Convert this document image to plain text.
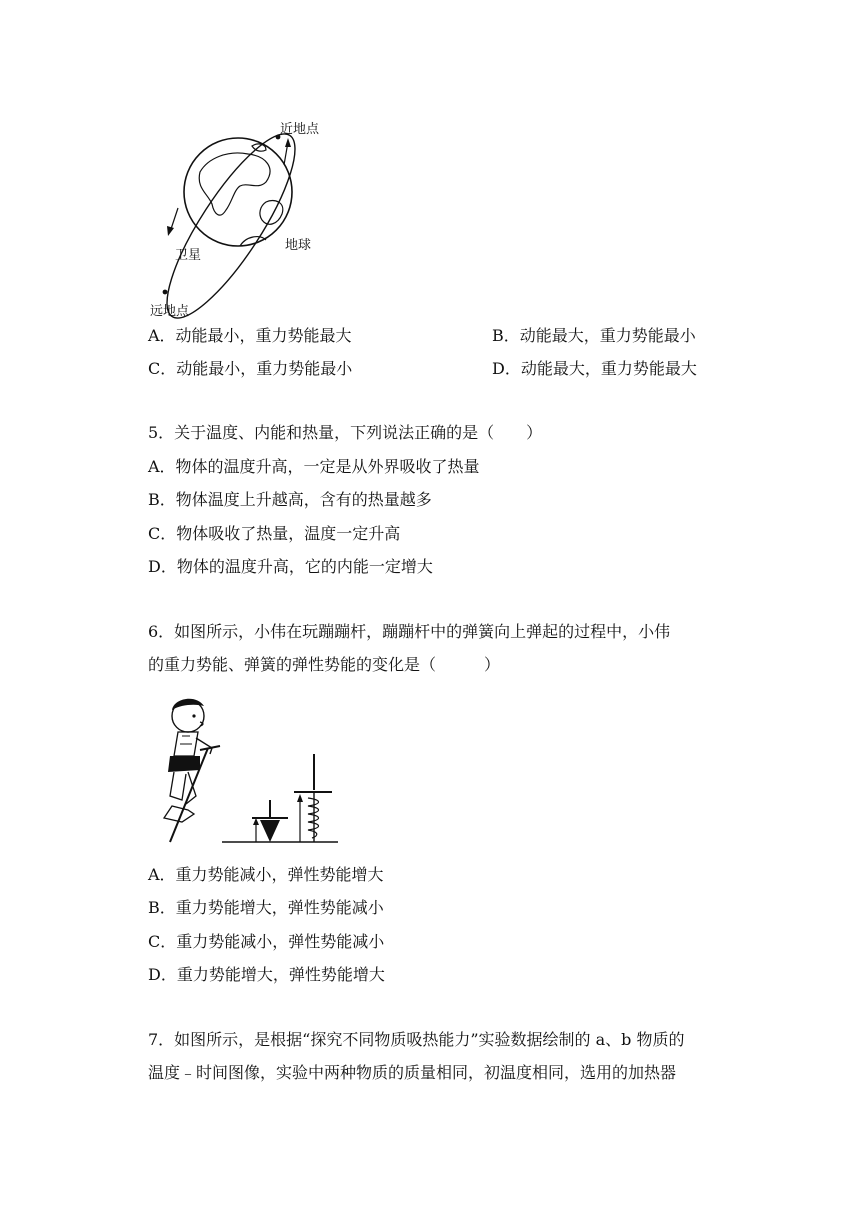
近地点
卫星
地球
远地点
A．动能最小，重力势能最大	B．动能最大，重力势能最小
C．动能最小，重力势能最小	D．动能最大，重力势能最大
5．关于温度、内能和热量，下列说法正确的是（　　）
A．物体的温度升高，一定是从外界吸收了热量
B．物体温度上升越高，含有的热量越多
C．物体吸收了热量，温度一定升高
D．物体的温度升高，它的内能一定增大
6．如图所示，小伟在玩蹦蹦杆，蹦蹦杆中的弹簧向上弹起的过程中，小伟
的重力势能、弹簧的弹性势能的变化是（　　　）
A．重力势能减小，弹性势能增大
B．重力势能增大，弹性势能减小
C．重力势能减小，弹性势能减小
D．重力势能增大，弹性势能增大
7．如图所示，是根据“探究不同物质吸热能力”实验数据绘制的 a、b 物质的
温度﹣时间图像，实验中两种物质的质量相同，初温度相同，选用的加热器
